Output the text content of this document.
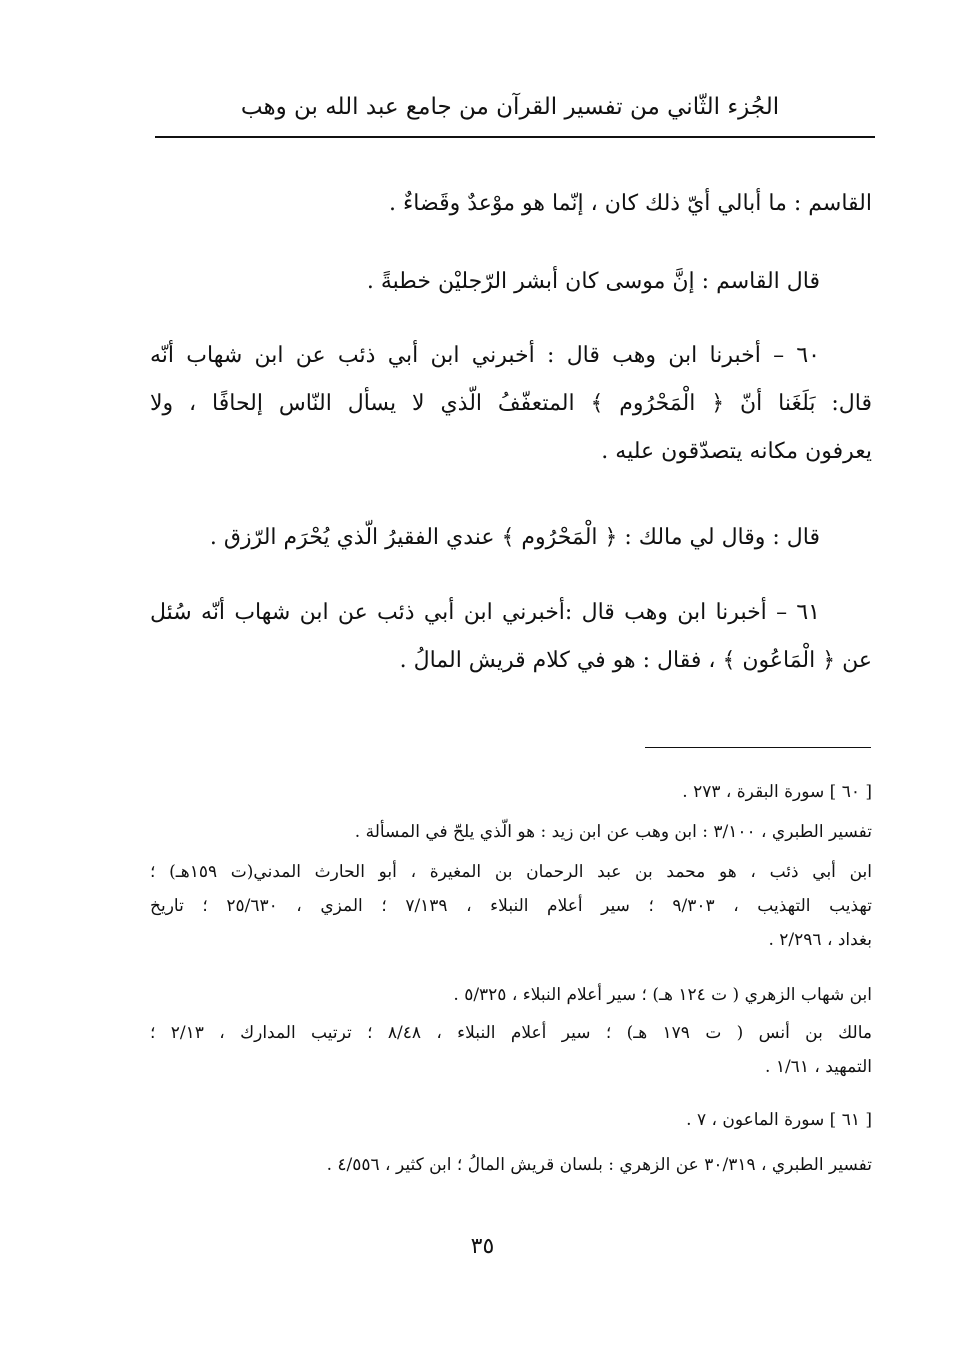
الجُزء الثّاني من تفسير القرآن من جامع عبد الله بن وهب
القاسم : ما أبالي أيّ ذلك كان ، إنّما هو موْعدٌ وقَضاءٌ .
قال القاسم : إنَّ موسى كان أبشر الرّجليْن خطبةً .
٦٠ – أخبرنا ابن وهب قال : أخبرني ابن أبي ذئب عن ابن شهاب أنّه
قال: بَلَغَنا أنّ ﴿ الْمَحْرُوم ﴾ المتعفّفُ الّذي لا يسأل النّاس إلحافًا ، ولا
يعرفون مكانه يتصدّقون عليه .
قال : وقال لي مالك : ﴿ الْمَحْرُوم ﴾ عندي الفقيرُ الّذي يُحْرَم الرّزق .
٦١ – أخبرنا ابن وهب قال :أخبرني ابن أبي ذئب عن ابن شهاب أنّه سُئل
عن ﴿ الْمَاعُون ﴾ ، فقال : هو في كلام قريش المالُ .
[ ٦٠ ] سورة البقرة ، ٢٧٣ .
تفسير الطبري ، ٣/١٠٠ : ابن وهب عن ابن زيد : هو الّذي يلحّ في المسألة .
ابن أبي ذئب ، هو محمد بن عبد الرحمان بن المغيرة ، أبو الحارث المدني(ت ١٥٩هـ) ؛
تهذيب التهذيب ، ٩/٣٠٣ ؛ سير أعلام النبلاء ، ٧/١٣٩ ؛ المزي ، ٢٥/٦٣٠ ؛ تاريخ
بغداد ، ٢/٢٩٦ .
ابن شهاب الزهري ( ت ١٢٤ هـ) ؛ سير أعلام النبلاء ، ٥/٣٢٥ .
مالك بن أنس ( ت ١٧٩ هـ) ؛ سير أعلام النبلاء ، ٨/٤٨ ؛ ترتيب المدارك ، ٢/١٣ ؛
التمهيد ، ١/٦١ .
[ ٦١ ] سورة الماعون ، ٧ .
تفسير الطبري ، ٣٠/٣١٩ عن الزهري : بلسان قريش المالُ ؛ ابن كثير ، ٤/٥٥٦ .
٣٥
